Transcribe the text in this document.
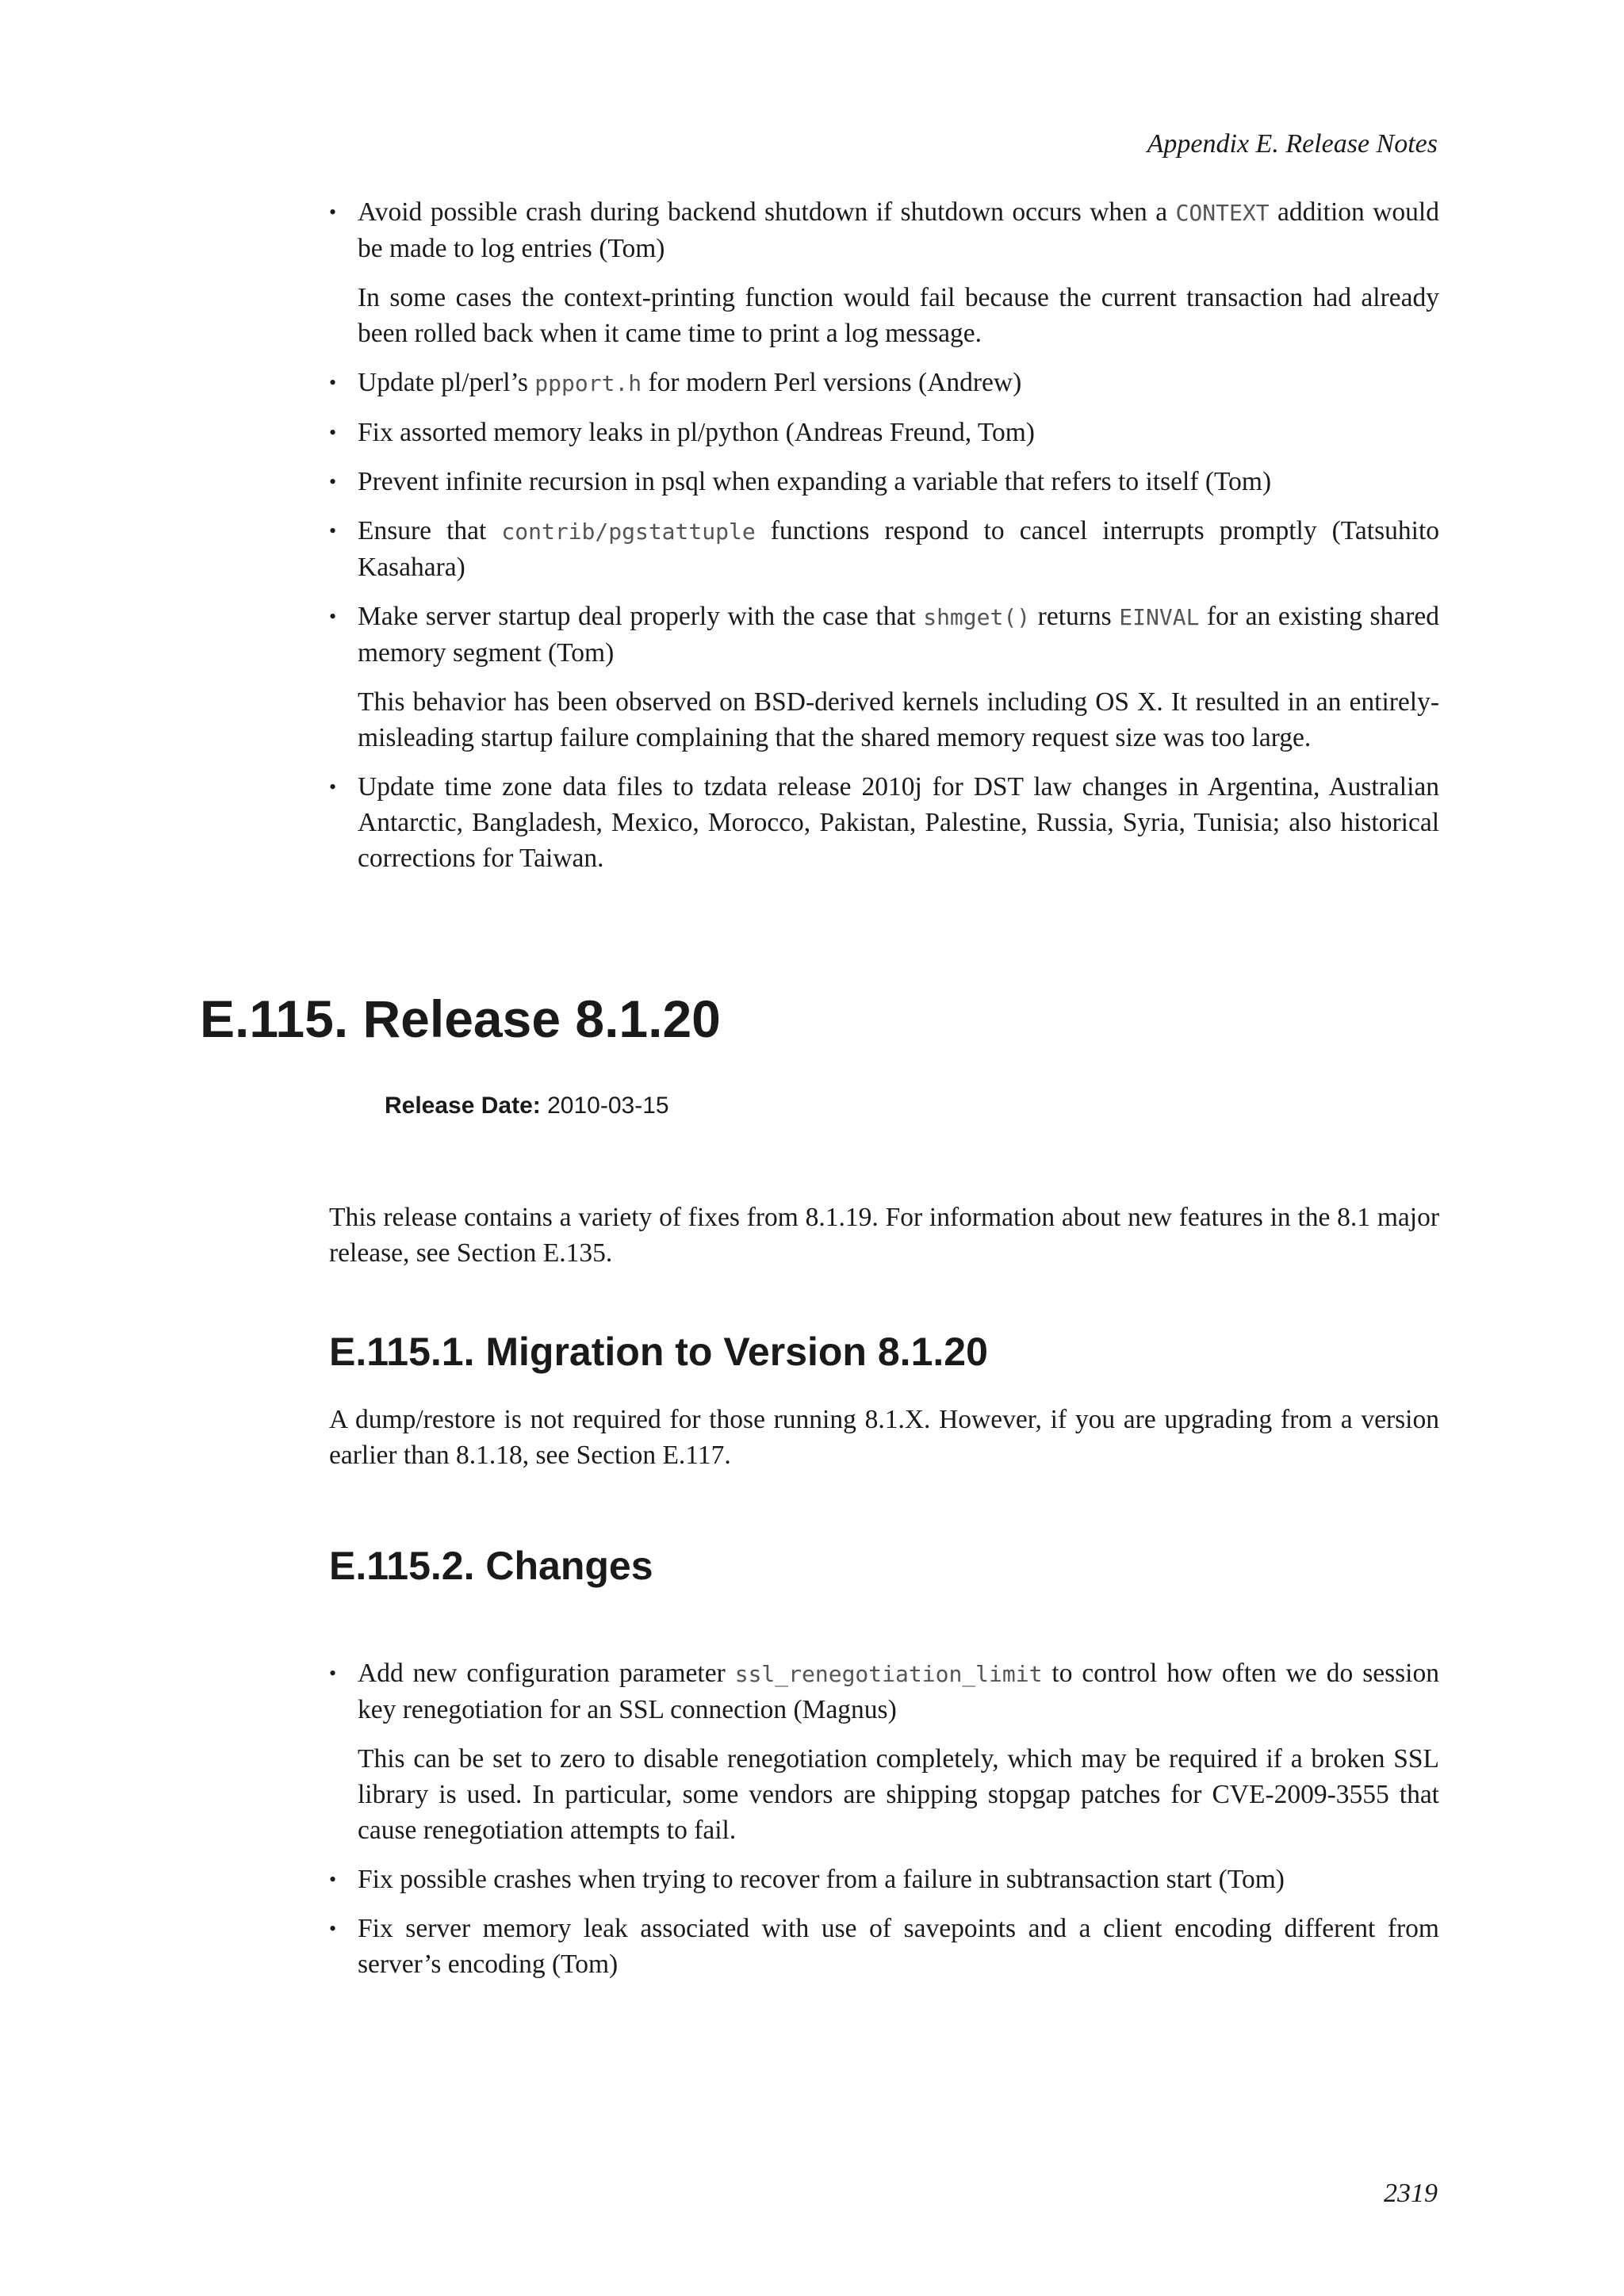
Appendix E. Release Notes

• Avoid possible crash during backend shutdown if shutdown occurs when a CONTEXT addition would be made to log entries (Tom)

In some cases the context-printing function would fail because the current transaction had already been rolled back when it came time to print a log message.

• Update pl/perl’s ppport.h for modern Perl versions (Andrew)

• Fix assorted memory leaks in pl/python (Andreas Freund, Tom)

• Prevent infinite recursion in psql when expanding a variable that refers to itself (Tom)

• Ensure that contrib/pgstattuple functions respond to cancel interrupts promptly (Tatsuhito Kasahara)

• Make server startup deal properly with the case that shmget() returns EINVAL for an existing shared memory segment (Tom)

This behavior has been observed on BSD-derived kernels including OS X. It resulted in an entirely-misleading startup failure complaining that the shared memory request size was too large.

• Update time zone data files to tzdata release 2010j for DST law changes in Argentina, Australian Antarctic, Bangladesh, Mexico, Morocco, Pakistan, Palestine, Russia, Syria, Tunisia; also historical corrections for Taiwan.

E.115. Release 8.1.20
Release Date: 2010-03-15

This release contains a variety of fixes from 8.1.19. For information about new features in the 8.1 major release, see Section E.135.

E.115.1. Migration to Version 8.1.20

A dump/restore is not required for those running 8.1.X. However, if you are upgrading from a version earlier than 8.1.18, see Section E.117.

E.115.2. Changes

• Add new configuration parameter ssl_renegotiation_limit to control how often we do session key renegotiation for an SSL connection (Magnus)

This can be set to zero to disable renegotiation completely, which may be required if a broken SSL library is used. In particular, some vendors are shipping stopgap patches for CVE-2009-3555 that cause renegotiation attempts to fail.

• Fix possible crashes when trying to recover from a failure in subtransaction start (Tom)

• Fix server memory leak associated with use of savepoints and a client encoding different from server’s encoding (Tom)

2319
